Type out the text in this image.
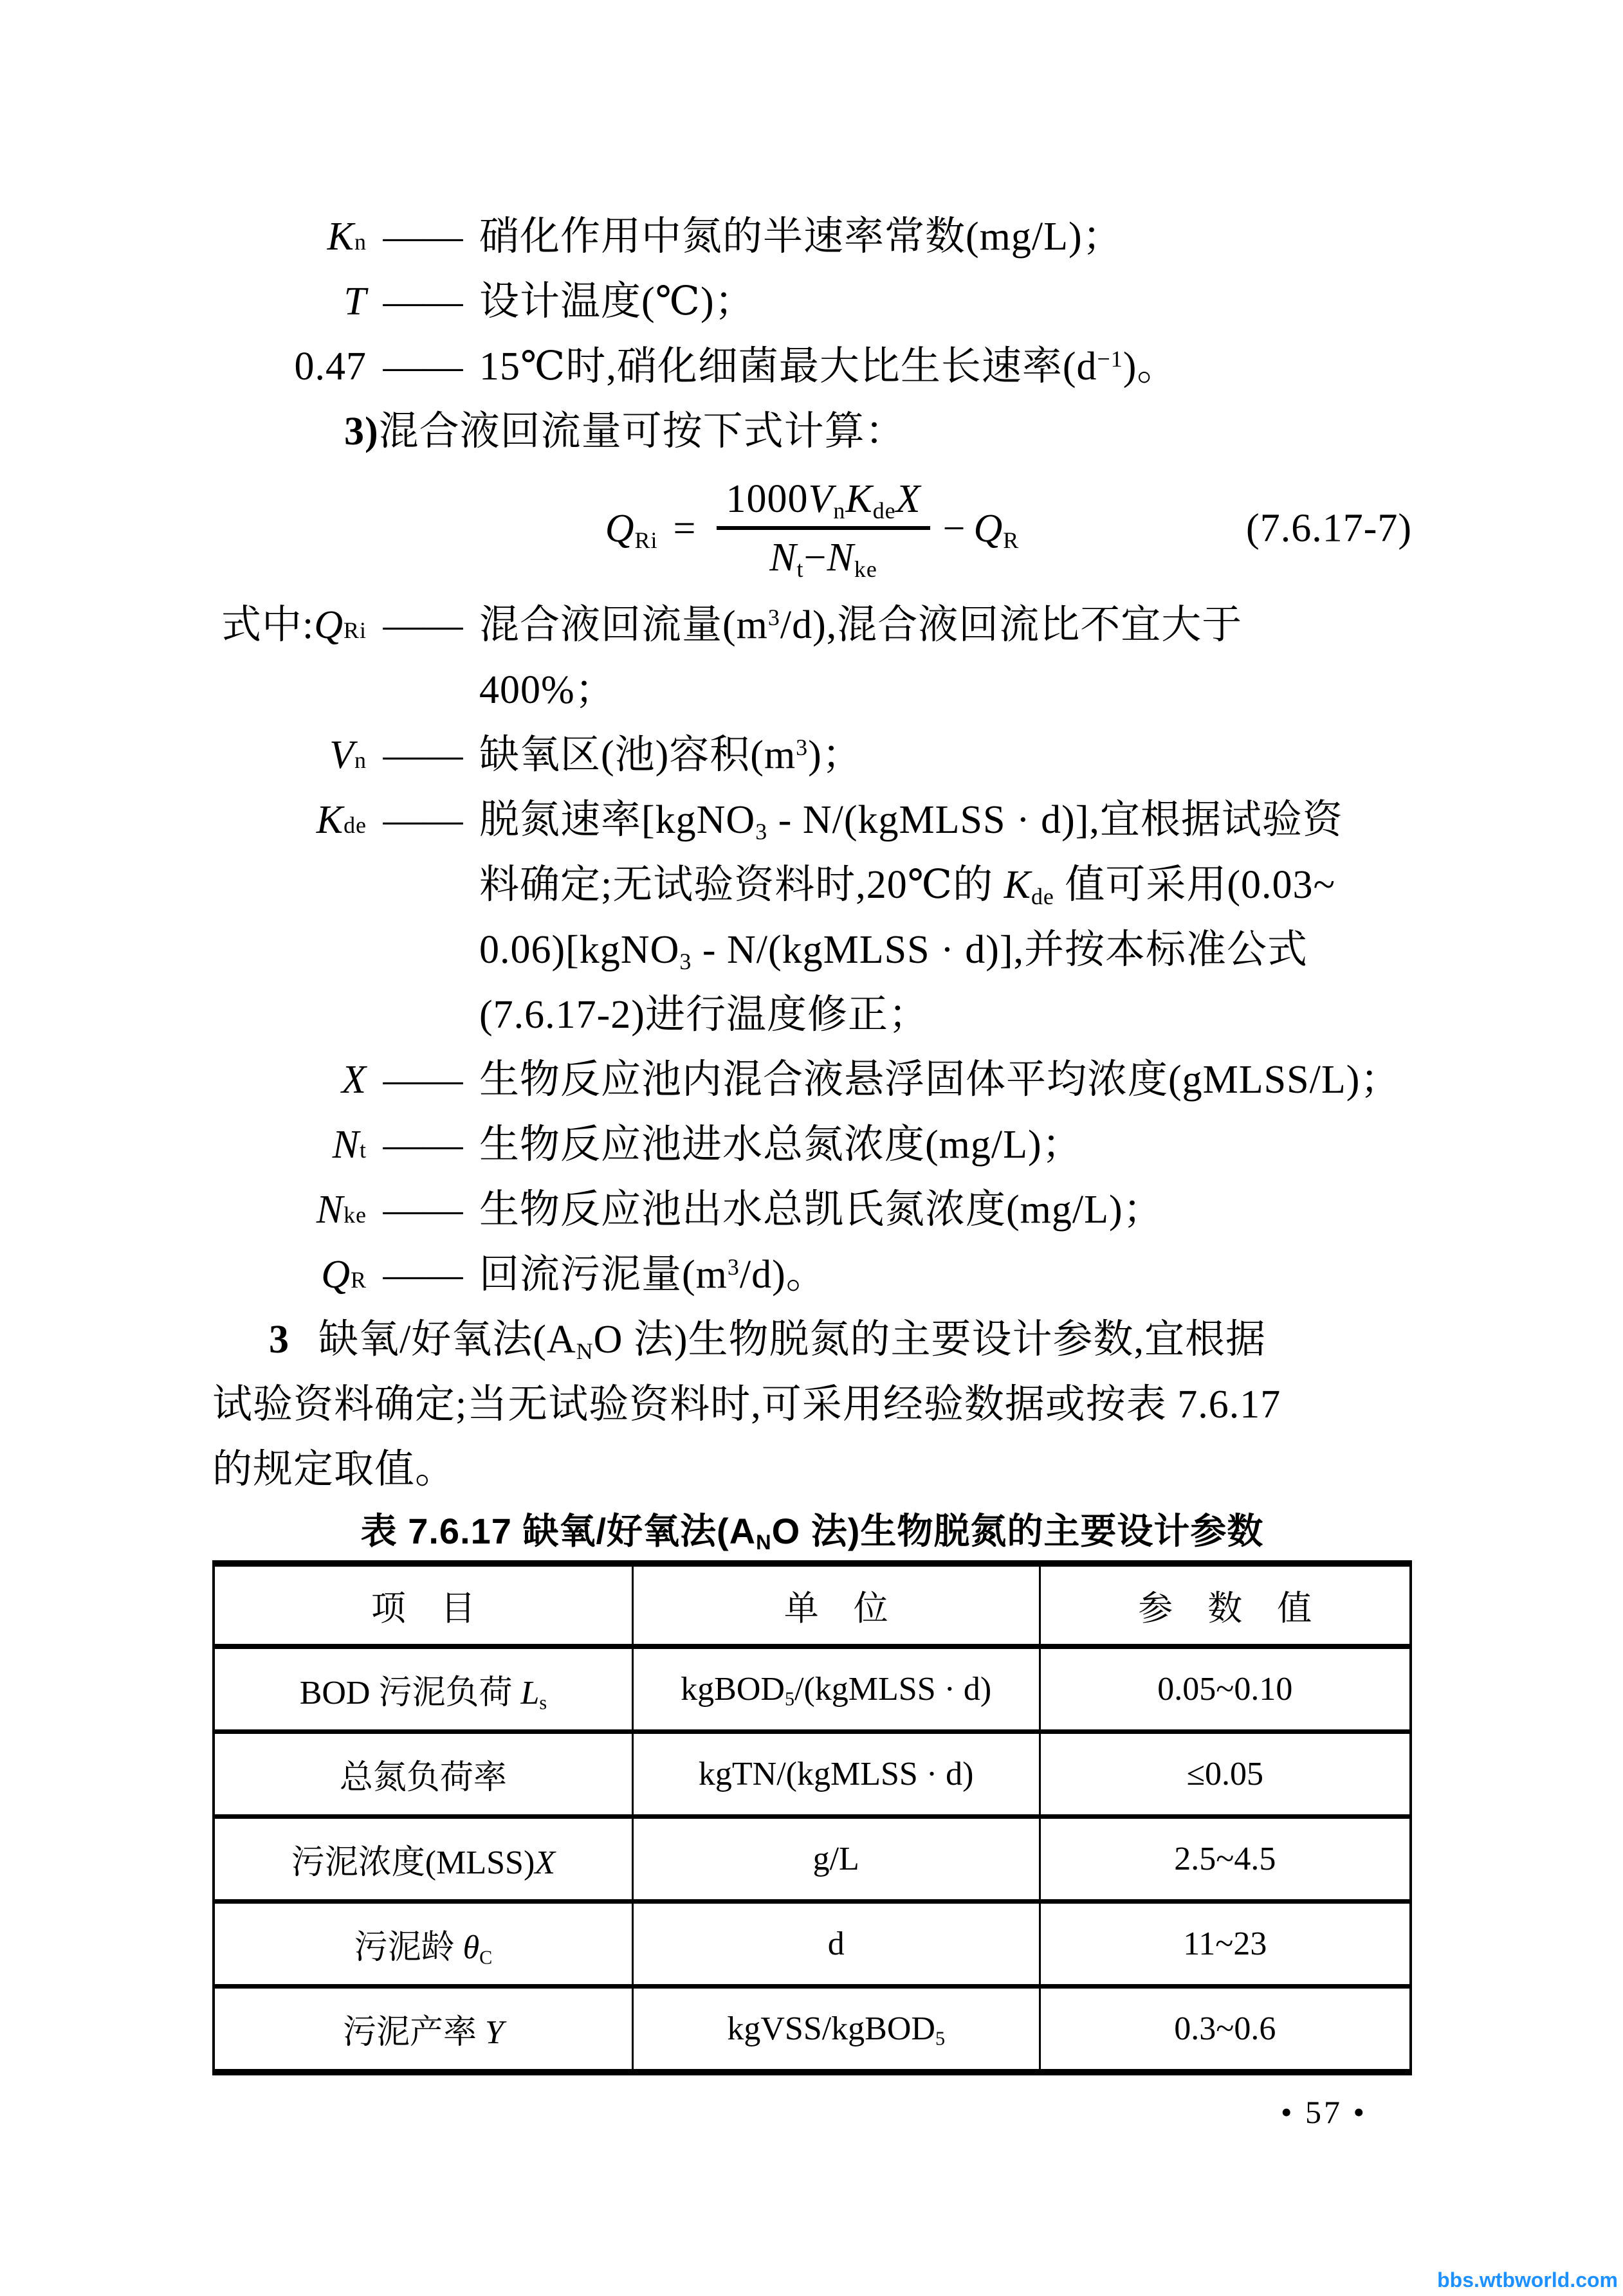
K n —— 硝化作用中氮的半速率常数(mg/L)；
T —— 设计温度(℃)；
0.47 —— 15℃时,硝化细菌最大比生长速率$(d^{-1})$。
3)混合液回流量可按下式计算：
$Q_{Ri} = \frac{1000V_nK_{de}X}{N_t-N_{ke}} - Q_R$	(7.6.17-7)
式中: Q Ri —— 混合液回流量$(m^3/d)$,混合液回流比不宜大于
400%；
V n —— 缺氧区(池)容积$(m^3)$；
K de —— 脱氮速率[kgNO$_3$ - N/(kgMLSS · d)],宜根据试验资
料确定;无试验资料时,20℃的 $K_{de}$ 值可采用(0.03~
0.06)[kgNO$_3$ - N/(kgMLSS · d)],并按本标准公式
(7.6.17-2)进行温度修正；
X —— 生物反应池内混合液悬浮固体平均浓度(gMLSS/L)；
N t —— 生物反应池进水总氮浓度(mg/L)；
N ke —— 生物反应池出水总凯氏氮浓度(mg/L)；
Q R —— 回流污泥量$(m^3/d)$。
3 缺氧/好氧法($A_NO$ 法)生物脱氮的主要设计参数,宜根据
试验资料确定;当无试验资料时,可采用经验数据或按表 7.6.17
的规定取值。
表 7.6.17 缺氧/好氧法($A_NO$ 法)生物脱氮的主要设计参数
项　目	单　位	参　数　值
BOD 污泥负荷 $L_s$	kgBOD$_5$/(kgMLSS · d)	0.05~0.10
总氮负荷率	kgTN/(kgMLSS · d)	≤0.05
污泥浓度(MLSS)X	g/L	2.5~4.5
污泥龄 $\theta_C$	d	11~23
污泥产率 Y	kgVSS/kgBOD$_5$	0.3~0.6
• 57 •
bbs.wtbworld.com
